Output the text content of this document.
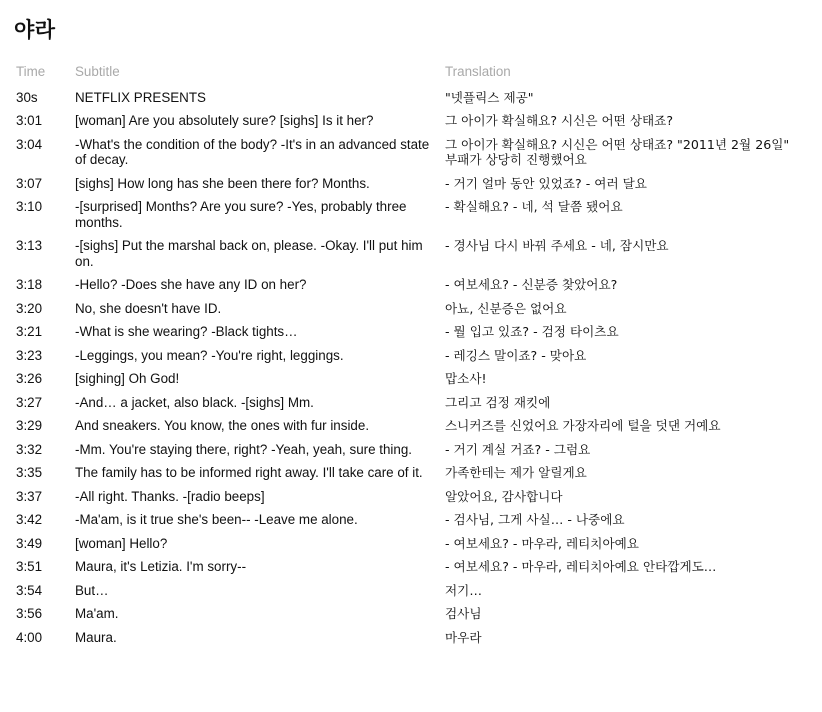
야라
Time	Subtitle	Translation
30s	NETFLIX PRESENTS	"넷플릭스 제공"
3:01	[woman] Are you absolutely sure? [sighs] Is it her?	그 아이가 확실해요? 시신은 어떤 상태죠?
3:04	-What's the condition of the body? -It's in an advanced state of decay.	그 아이가 확실해요? 시신은 어떤 상태죠? "2011년 2월 26일" 부패가 상당히 진행했어요
3:07	[sighs] How long has she been there for? Months.	- 거기 얼마 동안 있었죠? - 여러 달요
3:10	-[surprised] Months? Are you sure? -Yes, probably three months.	- 확실해요? - 네, 석 달쯤 됐어요
3:13	-[sighs] Put the marshal back on, please. -Okay. I'll put him on.	- 경사님 다시 바꿔 주세요 - 네, 잠시만요
3:18	-Hello? -Does she have any ID on her?	- 여보세요? - 신분증 찾았어요?
3:20	No, she doesn't have ID.	아뇨, 신분증은 없어요
3:21	-What is she wearing? -Black tights…	- 뭘 입고 있죠? - 검정 타이츠요
3:23	-Leggings, you mean? -You're right, leggings.	- 레깅스 말이죠? - 맞아요
3:26	[sighing] Oh God!	맙소사!
3:27	-And… a jacket, also black. -[sighs] Mm.	그리고 검정 재킷에
3:29	And sneakers. You know, the ones with fur inside.	스니커즈를 신었어요 가장자리에 털을 덧댄 거예요
3:32	-Mm. You're staying there, right? -Yeah, yeah, sure thing.	- 거기 계실 거죠? - 그럼요
3:35	The family has to be informed right away. I'll take care of it.	가족한테는 제가 알릴게요
3:37	-All right. Thanks. -[radio beeps]	알았어요, 감사합니다
3:42	-Ma'am, is it true she's been-- -Leave me alone.	- 검사님, 그게 사실… - 나중에요
3:49	[woman] Hello?	- 여보세요? - 마우라, 레티치아예요
3:51	Maura, it's Letizia. I'm sorry--	- 여보세요? - 마우라, 레티치아예요 안타깝게도…
3:54	But…	저기…
3:56	Ma'am.	검사님
4:00	Maura.	마우라
